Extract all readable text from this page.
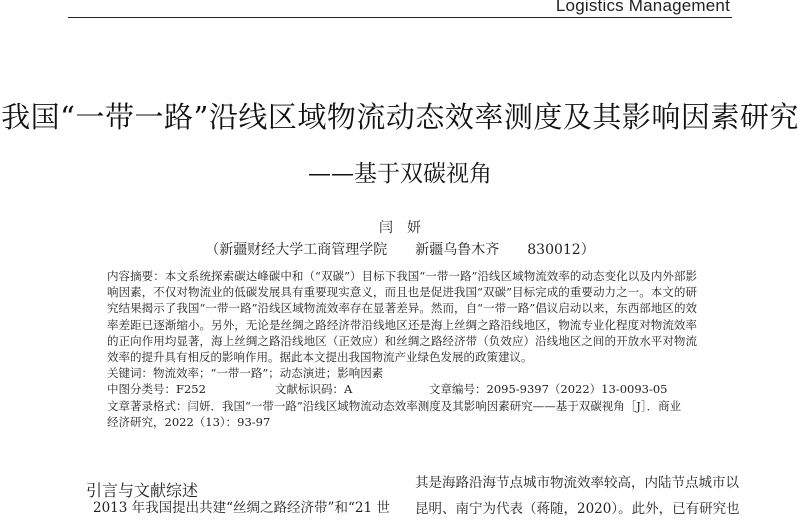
Logistics Management
我国“一带一路”沿线区域物流动态效率测度及其影响因素研究
——基于双碳视角
闫　妍
（新疆财经大学工商管理学院　　新疆乌鲁木齐　　830012）

内容摘要：本文系统探索碳达峰碳中和（“双碳”）目标下我国“一带一路”沿线区域物流效率的动态变化以及内外部影响因素，不仅对物流业的低碳发展具有重要现实意义，而且也是促进我国“双碳”目标完成的重要动力之一。本文的研究结果揭示了我国“一带一路”沿线区域物流效率存在显著差异。然而，自“一带一路”倡议启动以来，东西部地区的效率差距已逐渐缩小。另外，无论是丝绸之路经济带沿线地区还是海上丝绸之路沿线地区，物流专业化程度对物流效率的正向作用均显著，海上丝绸之路沿线地区（正效应）和丝绸之路经济带（负效应）沿线地区之间的开放水平对物流效率的提升具有相反的影响作用。据此本文提出我国物流产业绿色发展的政策建议。

关键词：物流效率；“一带一路”；动态演进；影响因素

中图分类号：F252	文献标识码：A	文章编号：2095-9397（2022）13-0093-05

文章著录格式：闫妍．我国“一带一路”沿线区域物流动态效率测度及其影响因素研究——基于双碳视角［J］．商业

经济研究，2022（13）：93-97

引言与文献综述
2013 年我国提出共建“丝绸之路经济带”和“21 世
其是海路沿海节点城市物流效率较高，内陆节点城市以
昆明、南宁为代表（蒋随，2020）。此外，已有研究也
